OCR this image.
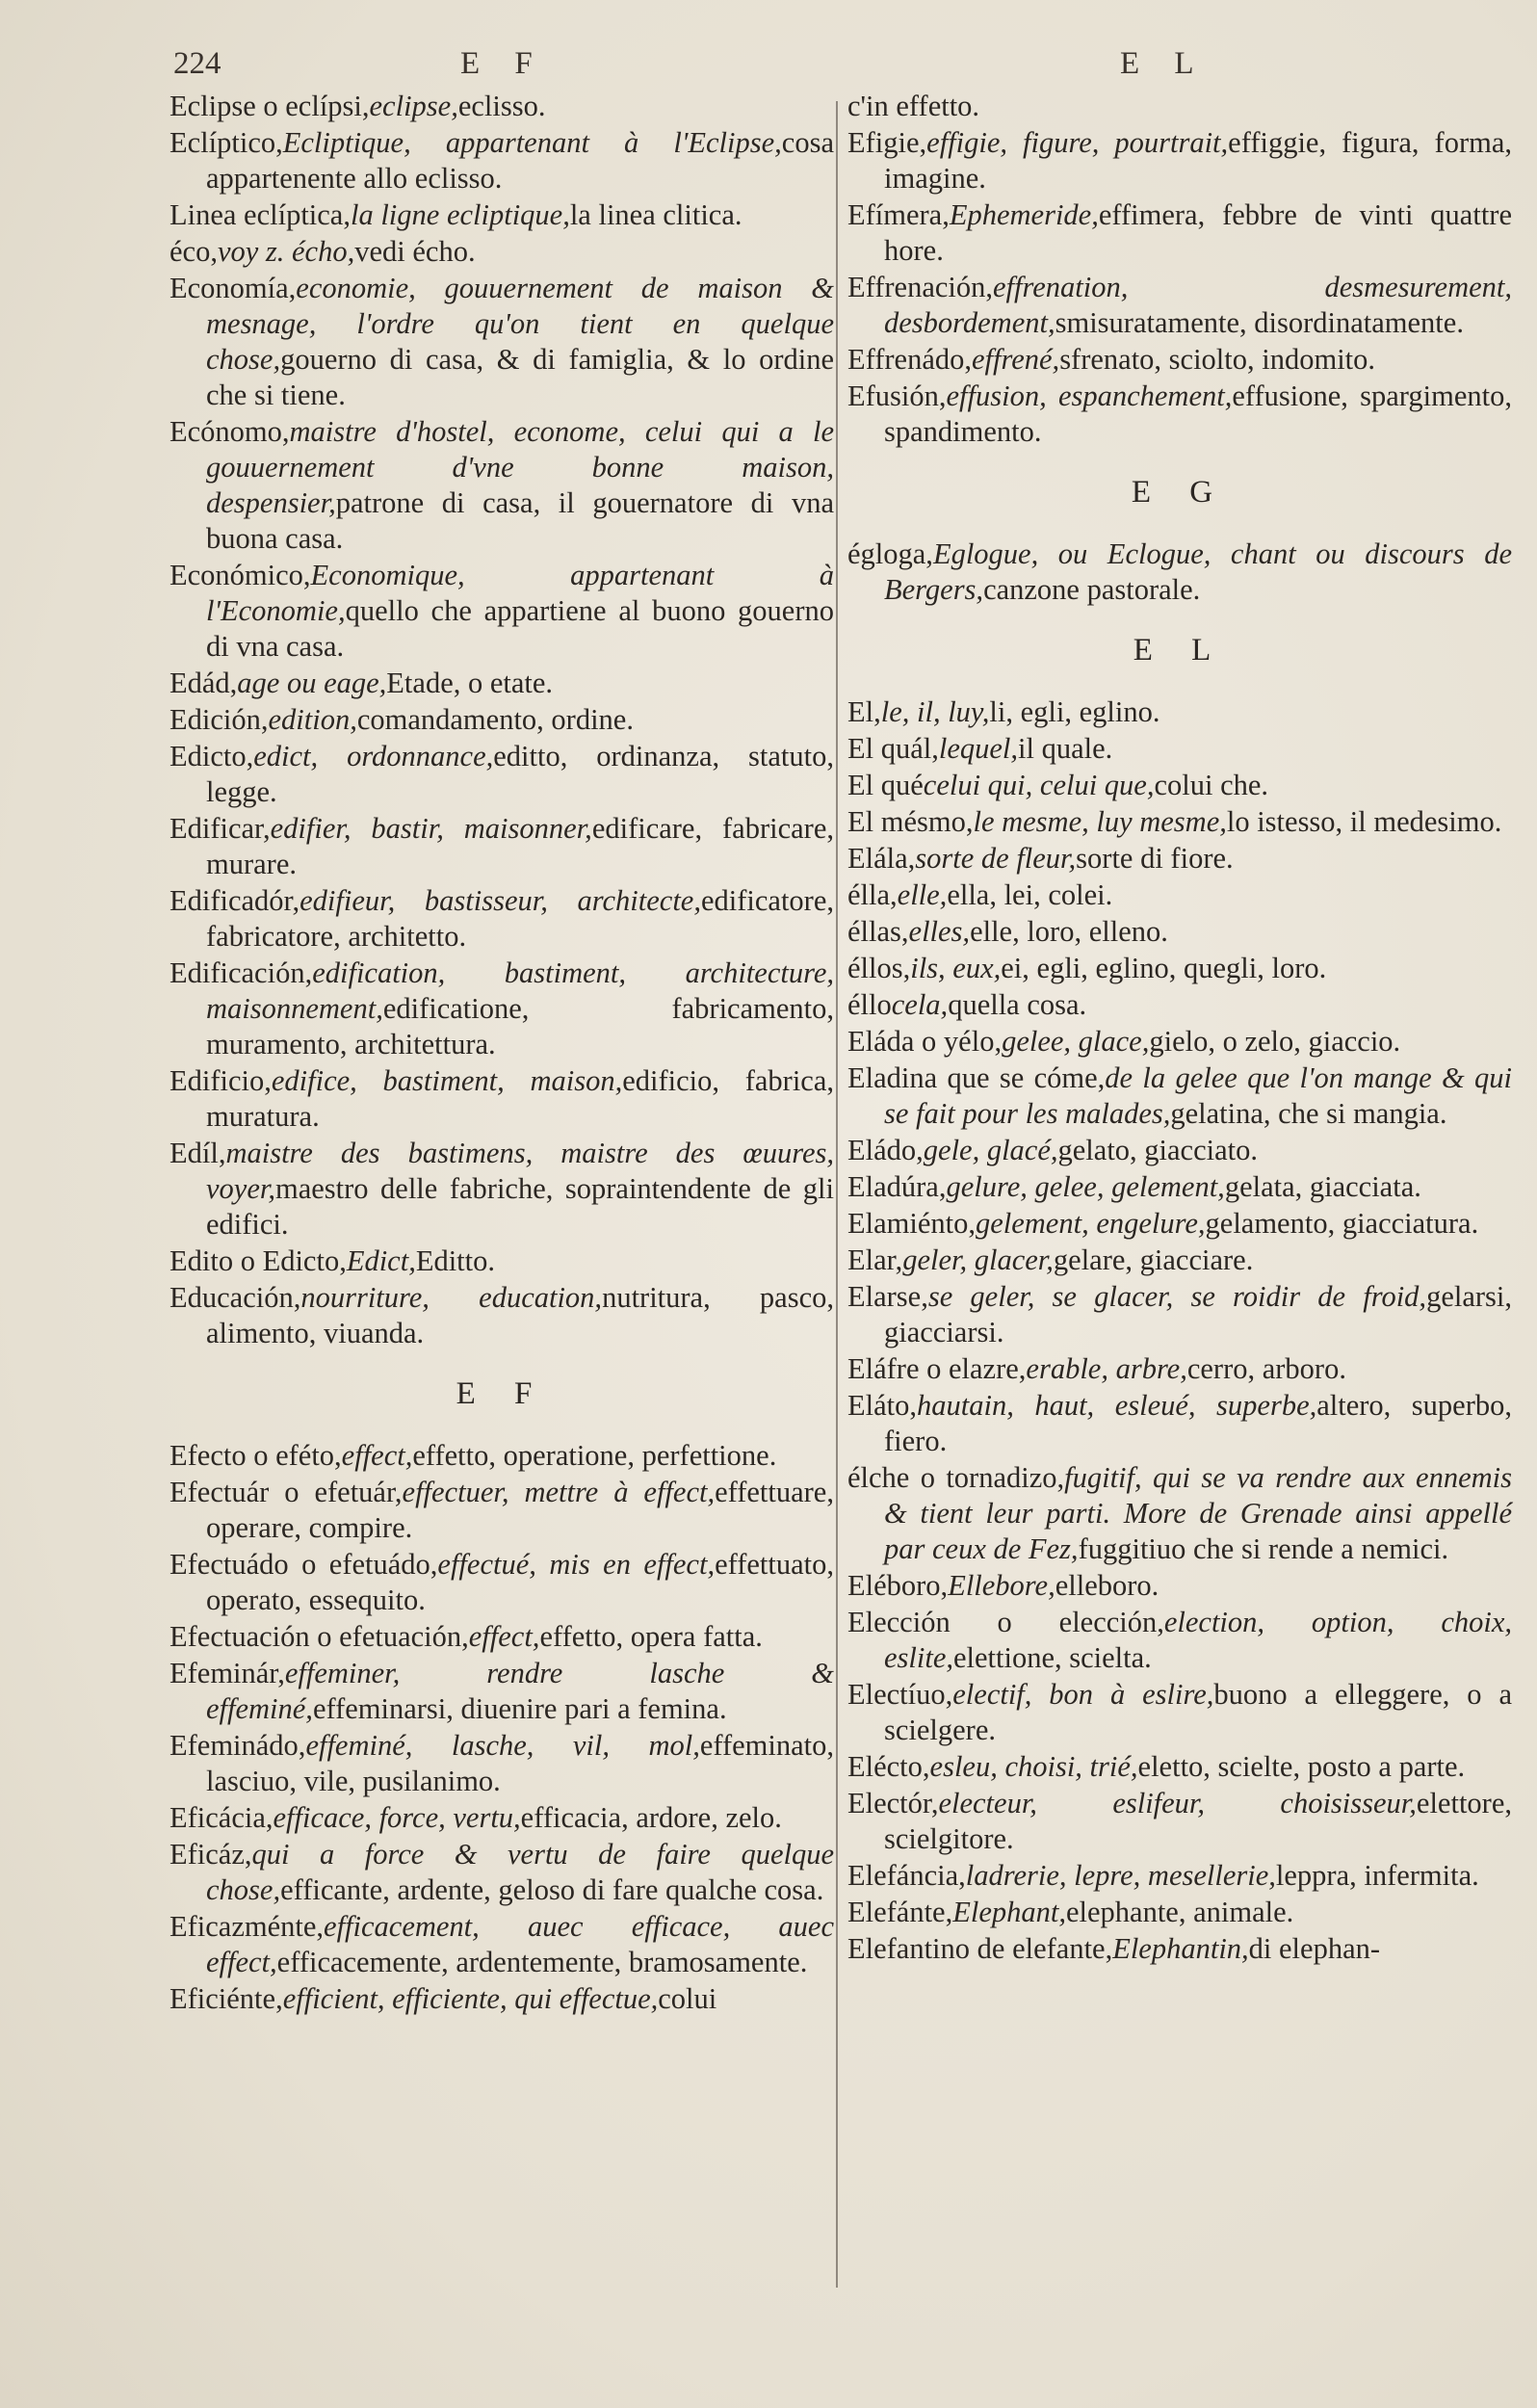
224	E F	E L

Eclipse o eclípsi,eclipse,eclisso.

Eclíptico,Ecliptique, appartenant à l'Eclipse,cosa appartenente allo eclisso.

Linea eclíptica,la ligne ecliptique,la linea clitica.

éco,voy z. écho,vedi écho.

Economía,economie, gouuernement de maison & mesnage, l'ordre qu'on tient en quelque chose,gouerno di casa, & di famiglia, & lo ordine che si tiene.

Ecónomo,maistre d'hostel, econome, celui qui a le gouuernement d'vne bonne maison, despensier,patrone di casa, il gouernatore di vna buona casa.

Económico,Economique, appartenant à l'Economie,quello che appartiene al buono gouerno di vna casa.

Edád,age ou eage,Etade, o etate.

Edición,edition,comandamento, ordine.

Edicto,edict, ordonnance,editto, ordinanza, statuto, legge.

Edificar,edifier, bastir, maisonner,edificare, fabricare, murare.

Edificadór,edifieur, bastisseur, architecte,edificatore, fabricatore, architetto.

Edificación,edification, bastiment, architecture, maisonnement,edificatione, fabricamento, muramento, architettura.

Edificio,edifice, bastiment, maison,edificio, fabrica, muratura.

Edíl,maistre des bastimens, maistre des œuures, voyer,maestro delle fabriche, sopraintendente de gli edifici.

Edito o Edicto,Edict,Editto.

Educación,nourriture, education,nutritura, pasco, alimento, viuanda.

E F

Efecto o eféto,effect,effetto, operatione, perfettione.

Efectuár o efetuár,effectuer, mettre à effect,effettuare, operare, compire.

Efectuádo o efetuádo,effectué, mis en effect,effettuato, operato, essequito.

Efectuación o efetuación,effect,effetto, opera fatta.

Efeminár,effeminer, rendre lasche & effeminé,effeminarsi, diuenire pari a femina.

Efeminádo,effeminé, lasche, vil, mol,effeminato, lasciuo, vile, pusilanimo.

Eficácia,efficace, force, vertu,efficacia, ardore, zelo.

Eficáz,qui a force & vertu de faire quelque chose,efficante, ardente, geloso di fare qualche cosa.

Eficazménte,efficacement, auec efficace, auec effect,efficacemente, ardentemente, bramosamente.

Eficiénte,efficient, efficiente, qui effectue,colui

c'in effetto.

Efigie,effigie, figure, pourtrait,effiggie, figura, forma, imagine.

Efímera,Ephemeride,effimera, febbre de vinti quattre hore.

Effrenación,effrenation, desmesurement, desbordement,smisuratamente, disordinatamente.

Effrenádo,effrené,sfrenato, sciolto, indomito.

Efusión,effusion, espanchement,effusione, spargimento, spandimento.

E G

égloga,Eglogue, ou Eclogue, chant ou discours de Bergers,canzone pastorale.

E L

El,le, il, luy,li, egli, eglino.

El quál,lequel,il quale.

El quécelui qui, celui que,colui che.

El mésmo,le mesme, luy mesme,lo istesso, il medesimo.

Elála,sorte de fleur,sorte di fiore.

élla,elle,ella, lei, colei.

éllas,elles,elle, loro, elleno.

éllos,ils, eux,ei, egli, eglino, quegli, loro.

éllocela,quella cosa.

Eláda o yélo,gelee, glace,gielo, o zelo, giaccio.

Eladina que se cóme,de la gelee que l'on mange & qui se fait pour les malades,gelatina, che si mangia.

Eládo,gele, glacé,gelato, giacciato.

Eladúra,gelure, gelee, gelement,gelata, giacciata.

Elamiénto,gelement, engelure,gelamento, giacciatura.

Elar,geler, glacer,gelare, giacciare.

Elarse,se geler, se glacer, se roidir de froid,gelarsi, giacciarsi.

Eláfre o elazre,erable, arbre,cerro, arboro.

Eláto,hautain, haut, esleué, superbe,altero, superbo, fiero.

élche o tornadizo,fugitif, qui se va rendre aux ennemis & tient leur parti. More de Grenade ainsi appellé par ceux de Fez,fuggitiuo che si rende a nemici.

Eléboro,Ellebore,elleboro.

Elección o elección,election, option, choix, eslite,elettione, scielta.

Electíuo,electif, bon à eslire,buono a elleggere, o a scielgere.

Elécto,esleu, choisi, trié,eletto, scielte, posto a parte.

Electór,electeur, eslifeur, choisisseur,elettore, scielgitore.

Elefáncia,ladrerie, lepre, mesellerie,leppra, infermita.

Elefánte,Elephant,elephante, animale.

Elefantino de elefante,Elephantin,di elephan-
